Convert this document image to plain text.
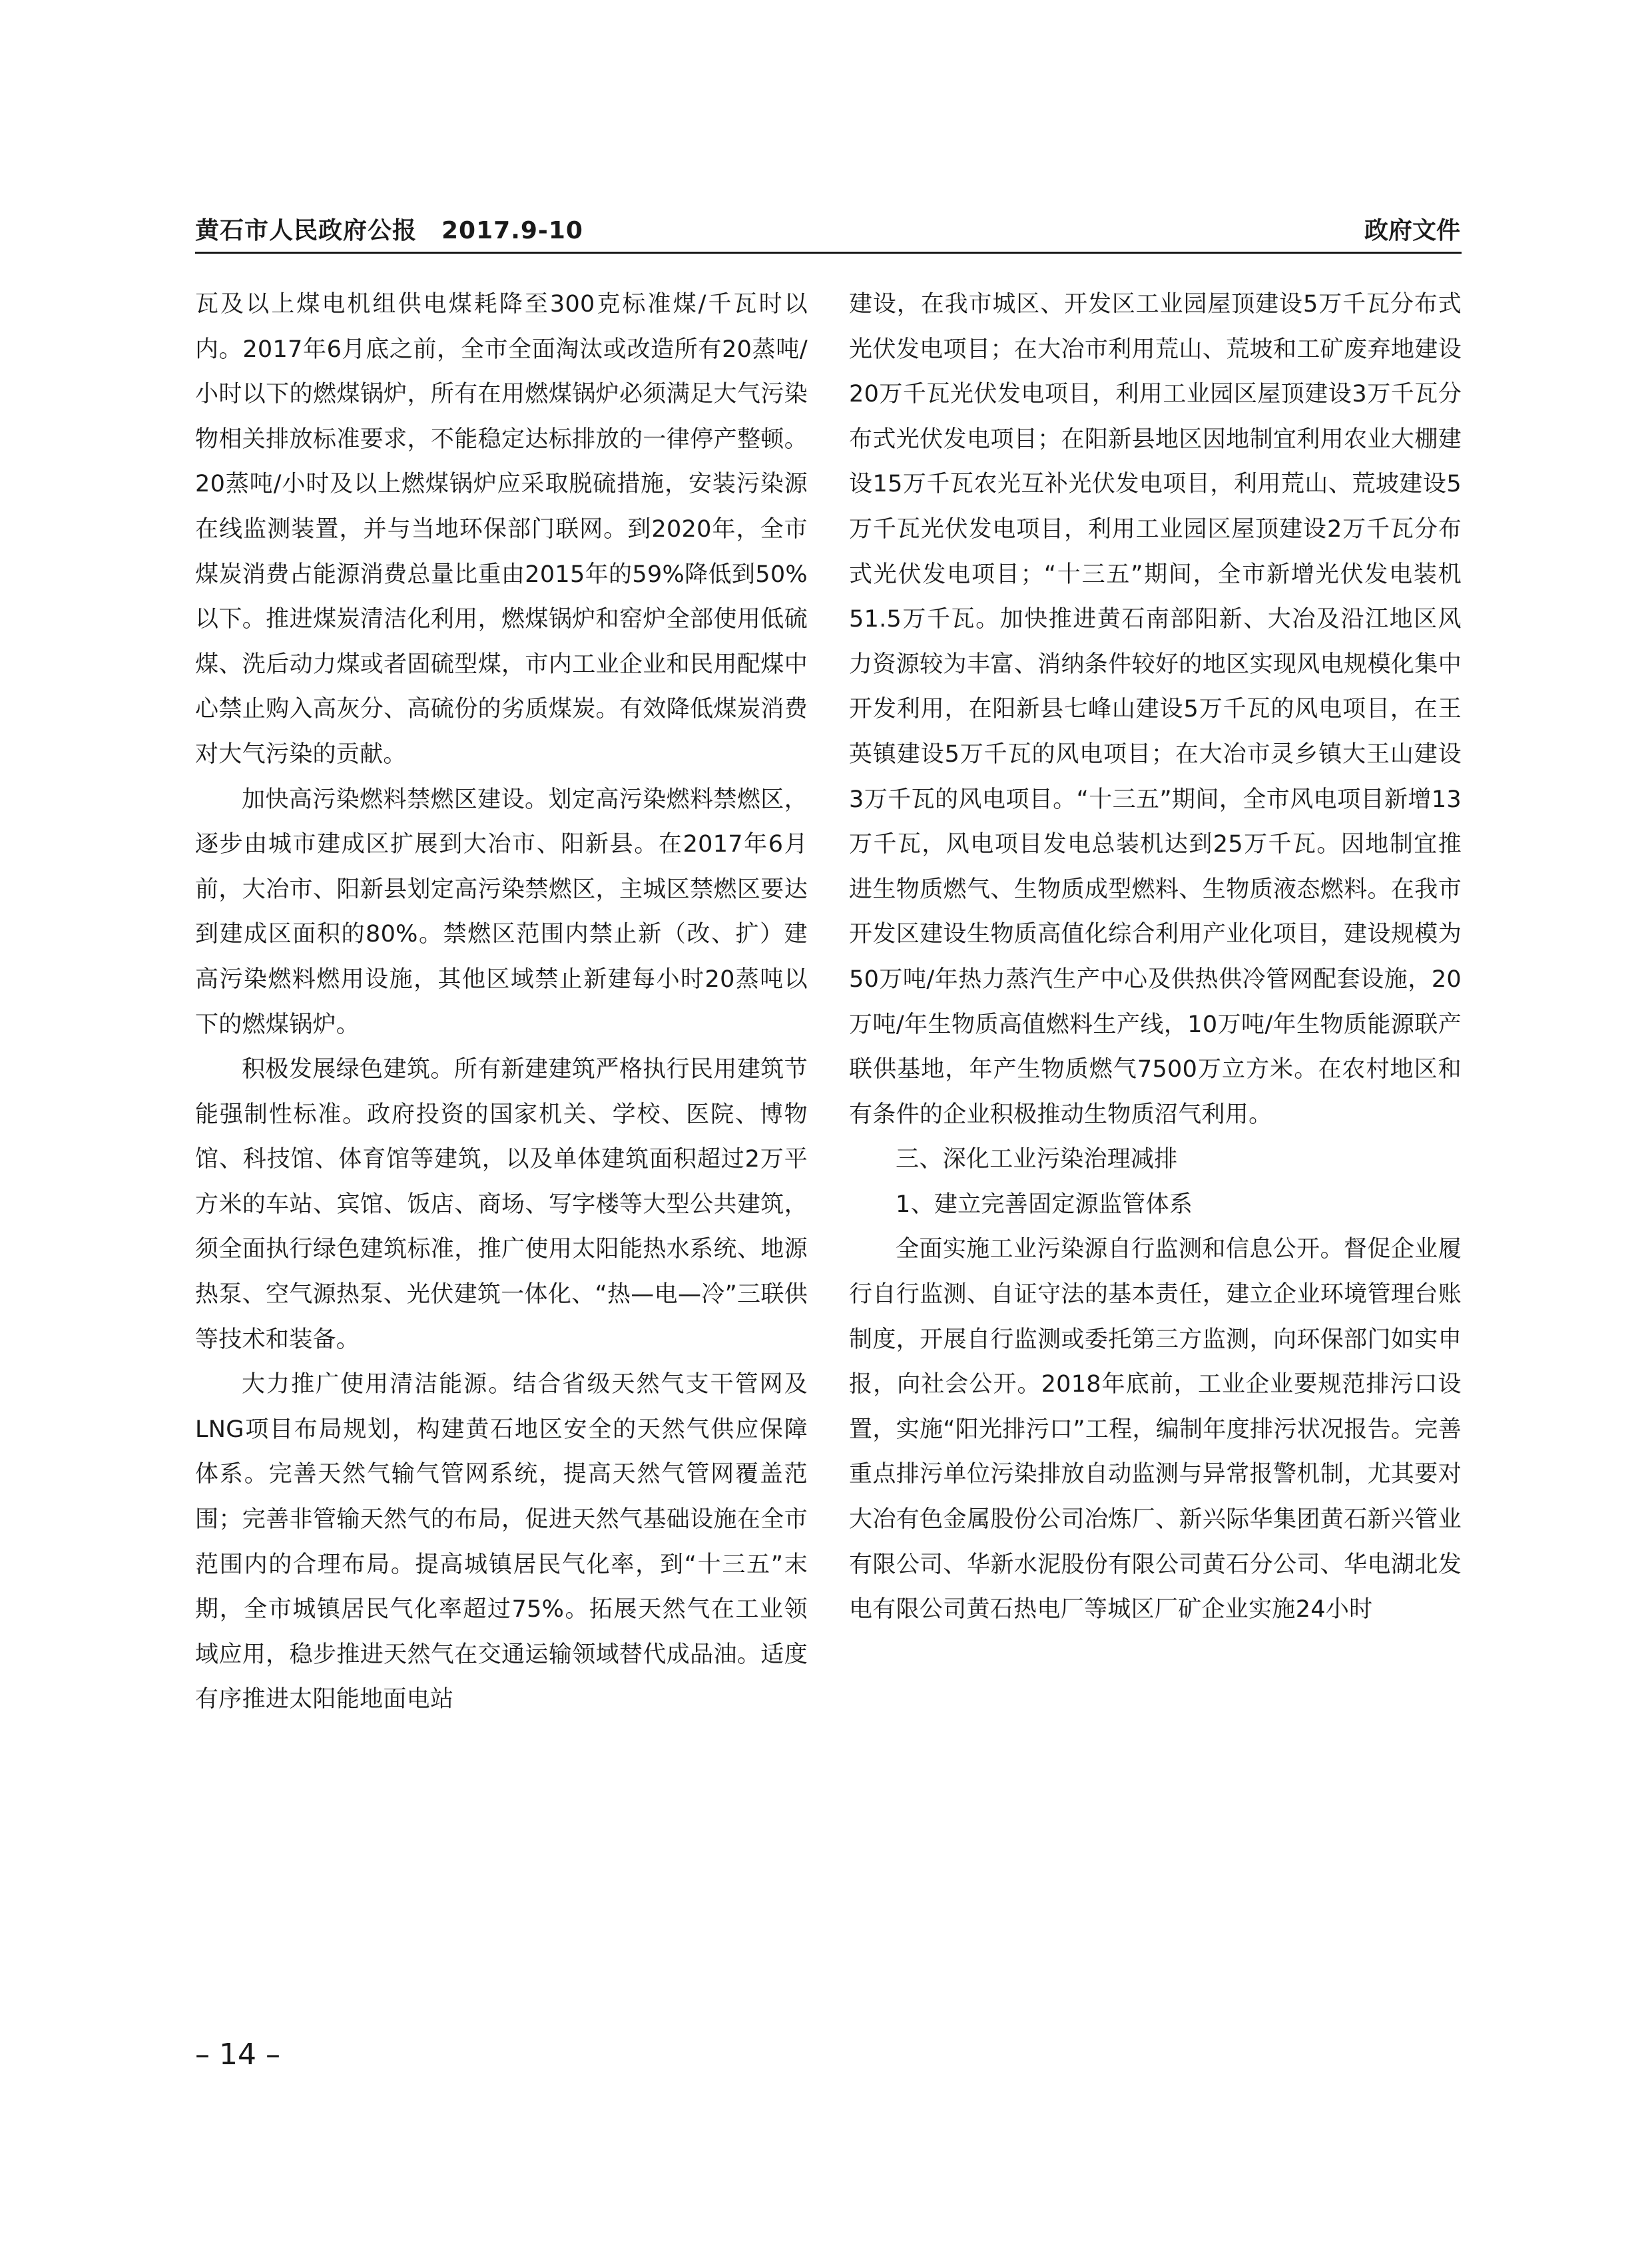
黄石市人民政府公报　2017.9-10	政府文件

瓦及以上煤电机组供电煤耗降至300克标准煤/千瓦时以内。2017年6月底之前，全市全面淘汰或改造所有20蒸吨/小时以下的燃煤锅炉，所有在用燃煤锅炉必须满足大气污染物相关排放标准要求，不能稳定达标排放的一律停产整顿。20蒸吨/小时及以上燃煤锅炉应采取脱硫措施，安装污染源在线监测装置，并与当地环保部门联网。到2020年，全市煤炭消费占能源消费总量比重由2015年的59%降低到50%以下。推进煤炭清洁化利用，燃煤锅炉和窑炉全部使用低硫煤、洗后动力煤或者固硫型煤，市内工业企业和民用配煤中心禁止购入高灰分、高硫份的劣质煤炭。有效降低煤炭消费对大气污染的贡献。

加快高污染燃料禁燃区建设。划定高污染燃料禁燃区，逐步由城市建成区扩展到大冶市、阳新县。在2017年6月前，大冶市、阳新县划定高污染禁燃区，主城区禁燃区要达到建成区面积的80%。禁燃区范围内禁止新（改、扩）建高污染燃料燃用设施，其他区域禁止新建每小时20蒸吨以下的燃煤锅炉。

积极发展绿色建筑。所有新建建筑严格执行民用建筑节能强制性标准。政府投资的国家机关、学校、医院、博物馆、科技馆、体育馆等建筑，以及单体建筑面积超过2万平方米的车站、宾馆、饭店、商场、写字楼等大型公共建筑，须全面执行绿色建筑标准，推广使用太阳能热水系统、地源热泵、空气源热泵、光伏建筑一体化、“热—电—冷”三联供等技术和装备。

大力推广使用清洁能源。结合省级天然气支干管网及LNG项目布局规划，构建黄石地区安全的天然气供应保障体系。完善天然气输气管网系统，提高天然气管网覆盖范围；完善非管输天然气的布局，促进天然气基础设施在全市范围内的合理布局。提高城镇居民气化率，到“十三五”末期，全市城镇居民气化率超过75%。拓展天然气在工业领域应用，稳步推进天然气在交通运输领域替代成品油。适度有序推进太阳能地面电站

建设，在我市城区、开发区工业园屋顶建设5万千瓦分布式光伏发电项目；在大冶市利用荒山、荒坡和工矿废弃地建设20万千瓦光伏发电项目，利用工业园区屋顶建设3万千瓦分布式光伏发电项目；在阳新县地区因地制宜利用农业大棚建设15万千瓦农光互补光伏发电项目，利用荒山、荒坡建设5万千瓦光伏发电项目，利用工业园区屋顶建设2万千瓦分布式光伏发电项目；“十三五”期间，全市新增光伏发电装机51.5万千瓦。加快推进黄石南部阳新、大冶及沿江地区风力资源较为丰富、消纳条件较好的地区实现风电规模化集中开发利用，在阳新县七峰山建设5万千瓦的风电项目，在王英镇建设5万千瓦的风电项目；在大冶市灵乡镇大王山建设3万千瓦的风电项目。“十三五”期间，全市风电项目新增13万千瓦，风电项目发电总装机达到25万千瓦。因地制宜推进生物质燃气、生物质成型燃料、生物质液态燃料。在我市开发区建设生物质高值化综合利用产业化项目，建设规模为50万吨/年热力蒸汽生产中心及供热供冷管网配套设施，20万吨/年生物质高值燃料生产线，10万吨/年生物质能源联产联供基地，年产生物质燃气7500万立方米。在农村地区和有条件的企业积极推动生物质沼气利用。

三、深化工业污染治理减排

1、建立完善固定源监管体系

全面实施工业污染源自行监测和信息公开。督促企业履行自行监测、自证守法的基本责任，建立企业环境管理台账制度，开展自行监测或委托第三方监测，向环保部门如实申报，向社会公开。2018年底前，工业企业要规范排污口设置，实施“阳光排污口”工程，编制年度排污状况报告。完善重点排污单位污染排放自动监测与异常报警机制，尤其要对大冶有色金属股份公司冶炼厂、新兴际华集团黄石新兴管业有限公司、华新水泥股份有限公司黄石分公司、华电湖北发电有限公司黄石热电厂等城区厂矿企业实施24小时

– 14 –
